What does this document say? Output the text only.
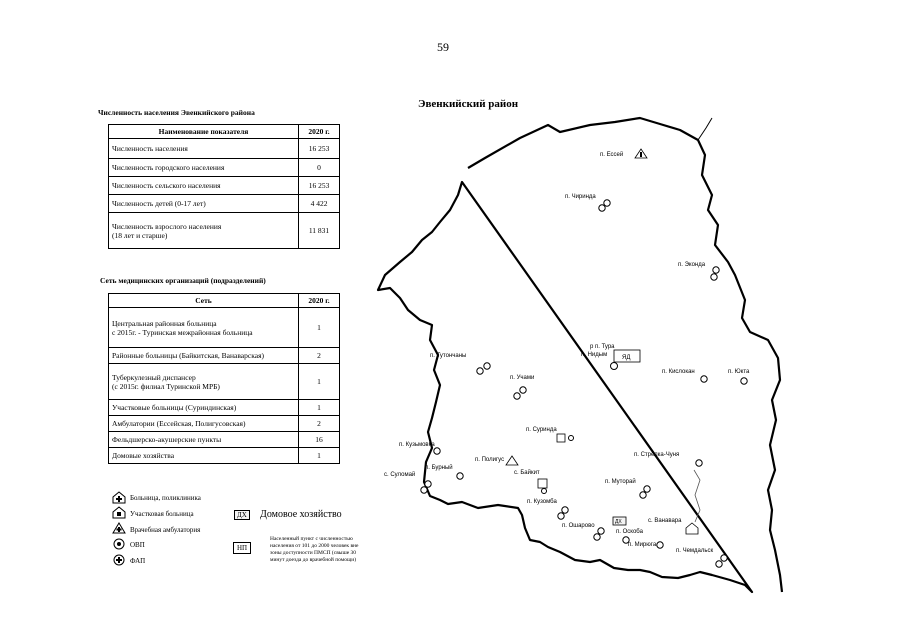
59
Численность населения Эвенкийского района
Наименование показателя	2020 г.
Численность населения	16 253
Численность городского населения	0
Численность сельского населения	16 253
Численность детей (0-17 лет)	4 422
Численность взрослого населения
(18 лет и старше)	11 831
Сеть медицинских организаций (подразделений)
Сеть	2020 г.
Центральная районная больница
с 2015г. - Туринская межрайонная больница	1
Районные больницы (Байкитская, Ванаварская)	2
Туберкулезный диспансер
(с 2015г. филиал Туринской МРБ)	1
Участковые больницы (Суриндинская)	1
Амбулатории (Ессейская, Полигусовская)	2
Фельдшерско-акушерские пункты	16
Домовые хозяйства	1
Больница, поликлиника
Участковая больница
Врачебная амбулатория
ОВП
ФАП
ДХ	Домовое хозяйство
НП
Населенный пункт с численностью
населения от 101 до 2000 человек вне
зоны доступности ПМСП (свыше 30
минут доезда до врачебной помощи)
Эвенкийский район
п. Ессей
п. Чиринда
п. Эконда
р п. Тура
п. Нидым ЯД
п. Тутончаны
п. Учами
п. Кислокан	п. Юкта
п. Суринда
п. Кузьмовка
п. Полигус
п. Бурный
с. Суломай	с. Байкит
п. Стрелка-Чуня
п. Муторай
п. Кузомба
п. Ошарово
ДХ	с. Ванавара
п. Оскоба
п. Мирюга
п. Чемдальск
